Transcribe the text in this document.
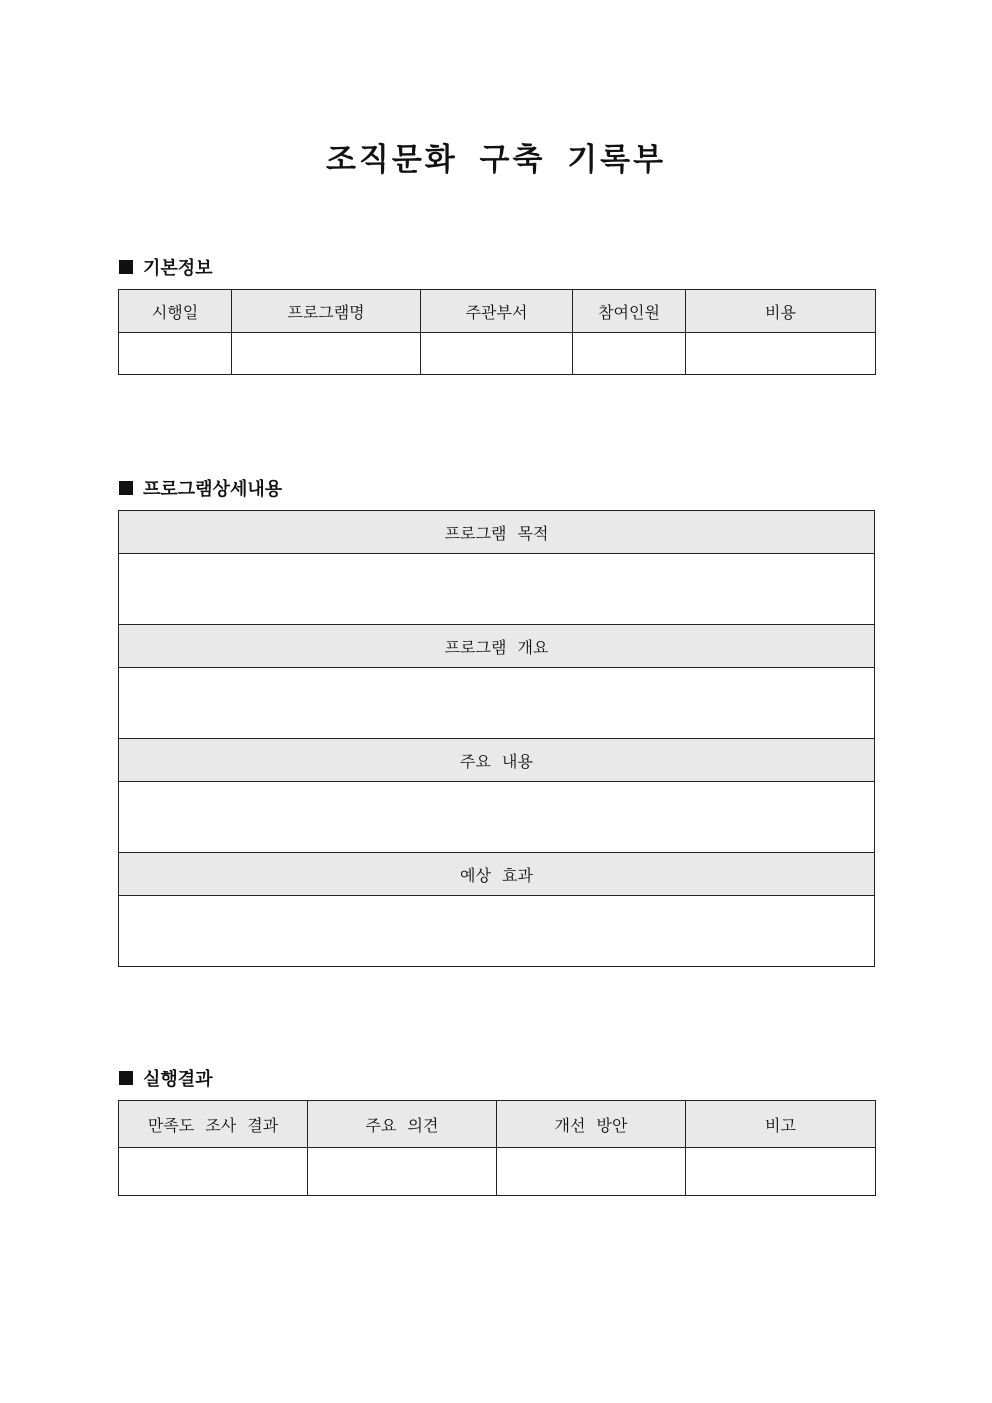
조직문화 구축 기록부
기본정보
시행일	프로그램명	주관부서	참여인원	비용

프로그램상세내용
프로그램 목적

프로그램 개요

주요 내용

예상 효과

실행결과
만족도 조사 결과	주요 의견	개선 방안	비고
